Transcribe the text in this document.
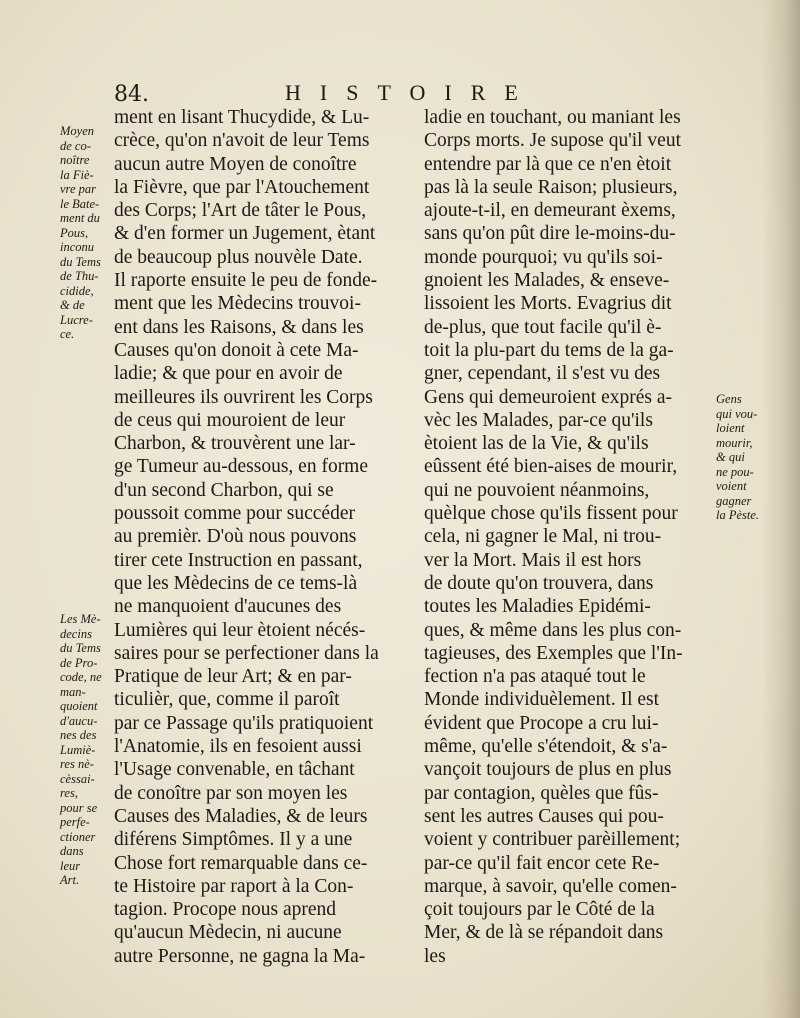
84.	HISTOIRE
ment en lisant Thucydide, & Lu-
crèce, qu'on n'avoit de leur Tems
aucun autre Moyen de conoître
la Fièvre, que par l'Atouchement
des Corps; l'Art de tâter le Pous,
& d'en former un Jugement, ètant
de beaucoup plus nouvèle Date.
Il raporte ensuite le peu de fonde-
ment que les Mèdecins trouvoi-
ent dans les Raisons, & dans les
Causes qu'on donoit à cete Ma-
ladie; & que pour en avoir de
meilleures ils ouvrirent les Corps
de ceus qui mouroient de leur
Charbon, & trouvèrent une lar-
ge Tumeur au-dessous, en forme
d'un second Charbon, qui se
poussoit comme pour succéder
au premièr. D'où nous pouvons
tirer cete Instruction en passant,
que les Mèdecins de ce tems-là
ne manquoient d'aucunes des
Lumières qui leur ètoient nécés-
saires pour se perfectioner dans la
Pratique de leur Art; & en par-
ticulièr, que, comme il paroît
par ce Passage qu'ils pratiquoient
l'Anatomie, ils en fesoient aussi
l'Usage convenable, en tâchant
de conoître par son moyen les
Causes des Maladies, & de leurs
diférens Simptômes. Il y a une
Chose fort remarquable dans ce-
te Histoire par raport à la Con-
tagion. Procope nous aprend
qu'aucun Mèdecin, ni aucune
autre Personne, ne gagna la Ma-
ladie en touchant, ou maniant les
Corps morts. Je supose qu'il veut
entendre par là que ce n'en ètoit
pas là la seule Raison; plusieurs,
ajoute-t-il, en demeurant èxems,
sans qu'on pût dire le-moins-du-
monde pourquoi; vu qu'ils soi-
gnoient les Malades, & enseve-
lissoient les Morts. Evagrius dit
de-plus, que tout facile qu'il è-
toit la plu-part du tems de la ga-
gner, cependant, il s'est vu des
Gens qui demeuroient exprés a-
vèc les Malades, par-ce qu'ils
ètoient las de la Vie, & qu'ils
eûssent été bien-aises de mourir,
qui ne pouvoient néanmoins,
quèlque chose qu'ils fissent pour
cela, ni gagner le Mal, ni trou-
ver la Mort. Mais il est hors
de doute qu'on trouvera, dans
toutes les Maladies Epidémi-
ques, & même dans les plus con-
tagieuses, des Exemples que l'In-
fection n'a pas ataqué tout le
Monde individuèlement. Il est
évident que Procope a cru lui-
même, qu'elle s'étendoit, & s'a-
vançoit toujours de plus en plus
par contagion, quèles que fûs-
sent les autres Causes qui pou-
voient y contribuer parèillement;
par-ce qu'il fait encor cete Re-
marque, à savoir, qu'elle comen-
çoit toujours par le Côté de la
Mer, & de là se répandoit dans
les
Moyen
de co-
noître
la Fiè-
vre par
le Bate-
ment du
Pous,
inconu
du Tems
de Thu-
cidide,
& de
Lucre-
ce.
Les Mè-
decins
du Tems
de Pro-
code, ne
man-
quoient
d'aucu-
nes des
Lumiè-
res nè-
cèssai-
res,
pour se
perfe-
ctioner
dans
leur
Art.
Gens
qui vou-
loient
mourir,
& qui
ne pou-
voient
gagner
la Pèste.
